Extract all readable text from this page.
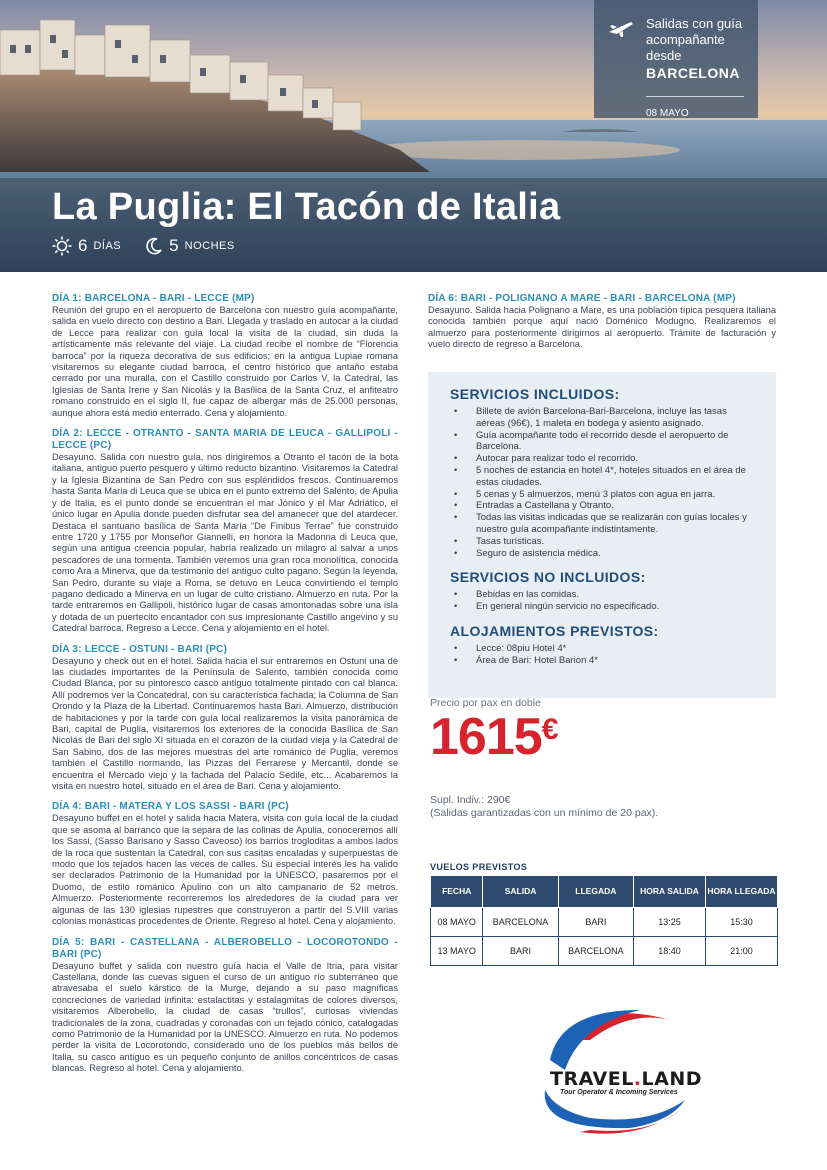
Salidas con guía
acompañante
desde
BARCELONA
08 MAYO
La Puglia: El Tacón de Italia
6 DÍAS	5 NOCHES
DÍA 1: BARCELONA - BARI - LECCE (MP)
Reunión del grupo en el aeropuerto de Barcelona con nuestro guía acompañante, salida en vuelo directo con destino a Bari. Llegada y traslado en autocar a la ciudad de Lecce para realizar con guía local la visita de la ciudad, sin duda la artísticamente más relevante del viaje. La ciudad recibe el nombre de “Florencia barroca” por la riqueza decorativa de sus edificios; en la antigua Lupiae romana visitaremos su elegante ciudad barroca, el centro histórico que antaño estaba cerrado por una muralla, con el Castillo construido por Carlos V, la Catedral, las Iglesias de Santa Irene y San Nicolás y la Basílica de la Santa Cruz, el anfiteatro romano construido en el siglo II, fue capaz de albergar más de 25.000 personas, aunque ahora está medio enterrado. Cena y alojamiento.
DÍA 2: LECCE - OTRANTO - SANTA MARIA DE LEUCA - GALLIPOLI - LECCE (PC)
Desayuno. Salida con nuestro guía, nos dirigiremos a Otranto el tacón de la bota italiana, antiguo puerto pesquero y último reducto bizantino. Visitaremos la Catedral y la Iglesia Bizantina de San Pedro con sus espléndidos frescos. Continuaremos hasta Santa Maria di Leuca que se ubica en el punto extremo del Salento, de Apulia y de Italia, es el punto donde se encuentran el mar Jónico y el Mar Adriático, el único lugar en Apulia donde pueden disfrutar sea del amanecer que del atardecer. Destaca el santuario basílica de Santa María “De Finibus Terrae” fue construido entre 1720 y 1755 por Monseñor Giannelli, en honora la Madonna di Leuca que, según una antigua creencia popular, habría realizado un milagro al salvar a unos pescadores de una tormenta. También veremos una gran roca monolítica, conocida como Ara a Minerva, que da testimonio del antiguo culto pagano. Según la leyenda, San Pedro, durante su viaje a Roma, se detuvo en Leuca convirtiendo el templo pagano dedicado a Minerva en un lugar de culto cristiano. Almuerzo en ruta. Por la tarde entraremos en Gallipoli, histórico lugar de casas amontonadas sobre una isla y dotada de un puertecito encantador con sus impresionante Castillo angevino y su Catedral barroca. Regreso a Lecce. Cena y alojamiento en el hotel.
DÍA 3: LECCE - OSTUNI - BARI (PC)
Desayuno y check out en el hotel. Salida hacia el sur entraremos en Ostuni una de las ciudades importantes de la Península de Salento, también conocida como Ciudad Blanca, por su pintoresco casco antiguo totalmente pintado con cal blanca. Allí podremos ver la Concatedral, con su característica fachada; la Columna de San Orondo y la Plaza de la Libertad. Continuaremos hasta Bari. Almuerzo, distribución de habitaciones y por la tarde con guía local realizaremos la visita panorámica de Bari, capital de Puglia, visitaremos los exteriores de la conocida Basílica de San Nicolás de Bari del siglo XI situada en el corazón de la ciudad vieja y la Catedral de San Sabino, dos de las mejores muestras del arte románico de Puglia, veremos también el Castillo normando, las Pizzas del Ferrarese y Mercantil, donde se encuentra el Mercado viejo y la fachada del Palacio Sedile, etc... Acabaremos la visita en nuestro hotel, situado en el área de Bari. Cena y alojamiento.
DÍA 4: BARI - MATERA Y LOS SASSI - BARI (PC)
Desayuno buffet en el hotel y salida hacia Matera, visita con guía local de la ciudad que se asoma al barranco que la separa de las colinas de Apulia, conoceremos allí los Sassi, (Sasso Barisano y Sasso Caveoso) los barrios trogloditas a ambos lados de la roca que sustentan la Catedral, con sus casitas encaladas y superpuestas de modo que los tejados hacen las veces de calles. Su especial interés les ha valido ser declarados Patrimonio de la Humanidad por la UNESCO, pasaremos por el Duomo, de estilo románico Apulino con un alto campanario de 52 metros. Almuerzo. Posteriormente recorreremos los alrededores de la ciudad para ver algunas de las 130 iglesias rupestres que construyeron a partir del S.VIII varias colonias monásticas procedentes de Oriente. Regreso al hotel. Cena y alojamiento.
DÍA 5: BARI - CASTELLANA - ALBEROBELLO - LOCOROTONDO - BARI (PC)
Desayuno buffet y salida con nuestro guía hacia el Valle de Itria, para visitar Castellana, donde las cuevas siguen el curso de un antiguo río subterráneo que atravesaba el suelo kárstico de la Murge, dejando a su paso magníficas concreciones de variedad infinita: estalactitas y estalagmitas de colores diversos, visitaremos Alberobello, la ciudad de casas “trullos”, curiosas viviendas tradicionales de la zona, cuadradas y coronadas con un tejado cónico, catalogadas como Patrimonio de la Humanidad por la UNESCO. Almuerzo en ruta. No podemos perder la visita de Locorotondo, considerado uno de los pueblos más bellos de Italia, su casco antiguo es un pequeño conjunto de anillos concéntricos de casas blancas. Regreso al hotel. Cena y alojamiento.
DÍA 6: BARI - POLIGNANO A MARE - BARI - BARCELONA (MP)
Desayuno. Salida hacia Polignano a Mare, es una población típica pesquera italiana conocida también porque aquí nació Doménico Modugno. Realizaremos el almuerzo para posteriormente dirigirnos al aeropuerto. Trámite de facturación y vuelo directo de regreso a Barcelona.
SERVICIOS INCLUIDOS:
• Billete de avión Barcelona-Bari-Barcelona, incluye las tasas aéreas (96€), 1 maleta en bodega y asiento asignado.
• Guía acompañante todo el recorrido desde el aeropuerto de Barcelona.
• Autocar para realizar todo el recorrido.
• 5 noches de estancia en hotel 4*, hoteles situados en el área de estas ciudades.
• 5 cenas y 5 almuerzos, menú 3 platos con agua en jarra.
• Entradas a Castellana y Otranto.
• Todas las visitas indicadas que se realizarán con guías locales y nuestro guía acompañante indistintamente.
• Tasas turísticas.
• Seguro de asistencia médica.
SERVICIOS NO INCLUIDOS:
• Bebidas en las comidas.
• En general ningún servicio no especificado.
ALOJAMIENTOS PREVISTOS:
• Lecce: 08piu Hotel 4*
• Área de Bari: Hotel Barion 4*
Precio por pax en doble
1615€
Supl. Indiv.: 290€
(Salidas garantizadas con un mínimo de 20 pax).
VUELOS PREVISTOS
FECHA	SALIDA	LLEGADA	HORA SALIDA	HORA LLEGADA
08 MAYO	BARCELONA	BARI	13:25	15:30
13 MAYO	BARI	BARCELONA	18:40	21:00
TRAVEL.LAND
Tour Operator & Incoming Services
